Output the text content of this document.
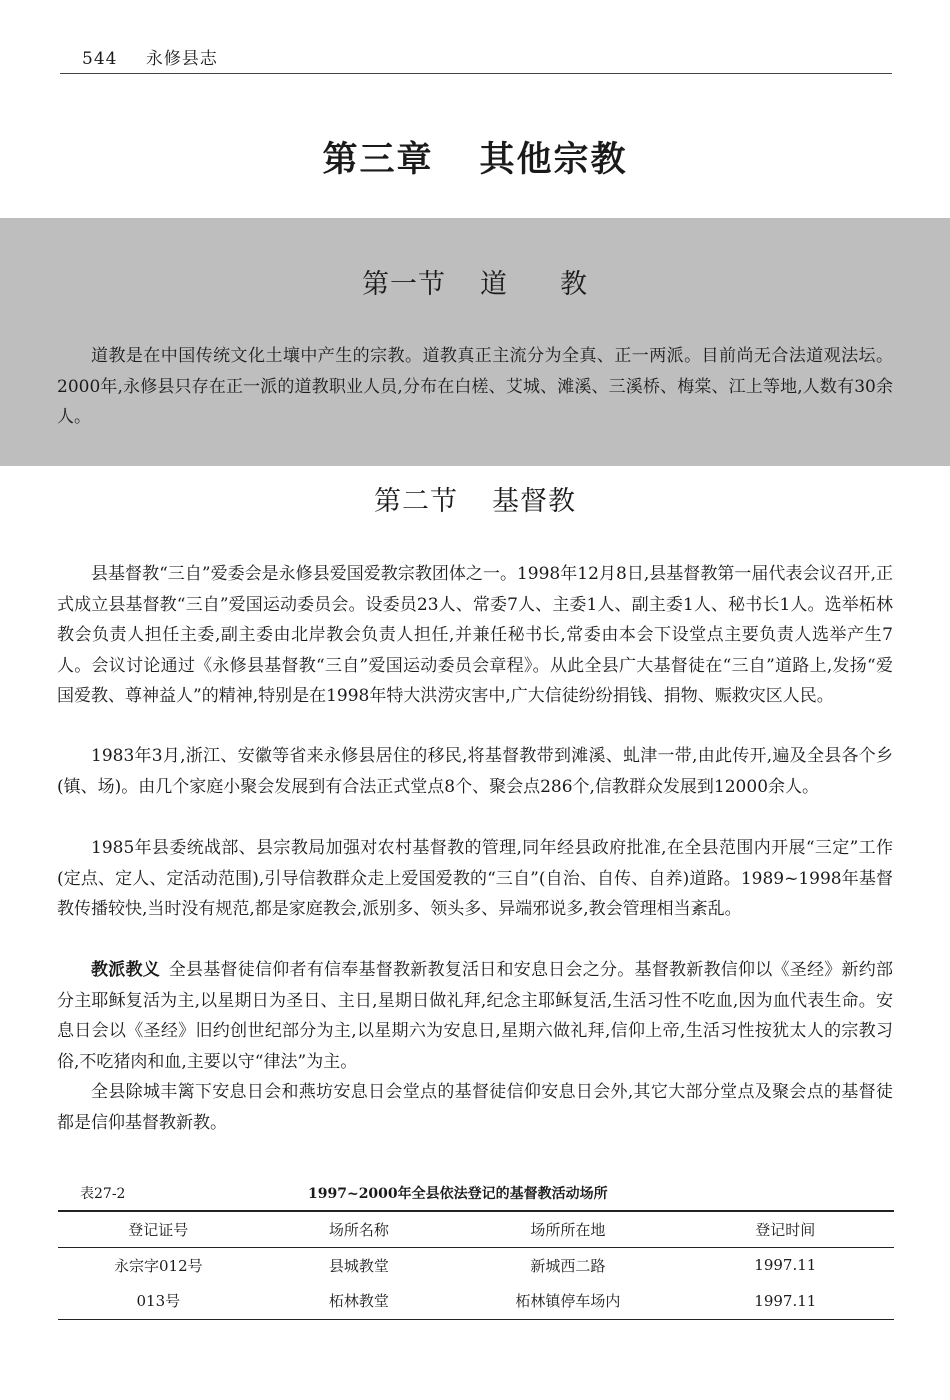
544 永修县志
第三章 其他宗教
第一节 道 教

道教是在中国传统文化土壤中产生的宗教。道教真正主流分为全真、正一两派。目前尚无合法道观法坛。2000年,永修县只存在正一派的道教职业人员,分布在白槎、艾城、滩溪、三溪桥、梅棠、江上等地,人数有30余人。

第二节 基督教

县基督教“三自”爱委会是永修县爱国爱教宗教团体之一。1998年12月8日,县基督教第一届代表会议召开,正式成立县基督教“三自”爱国运动委员会。设委员23人、常委7人、主委1人、副主委1人、秘书长1人。选举柘林教会负责人担任主委,副主委由北岸教会负责人担任,并兼任秘书长,常委由本会下设堂点主要负责人选举产生7人。会议讨论通过《永修县基督教“三自”爱国运动委员会章程》。从此全县广大基督徒在“三自”道路上,发扬“爱国爱教、尊神益人”的精神,特别是在1998年特大洪涝灾害中,广大信徒纷纷捐钱、捐物、赈救灾区人民。

1983年3月,浙江、安徽等省来永修县居住的移民,将基督教带到滩溪、虬津一带,由此传开,遍及全县各个乡(镇、场)。由几个家庭小聚会发展到有合法正式堂点8个、聚会点286个,信教群众发展到12000余人。

1985年县委统战部、县宗教局加强对农村基督教的管理,同年经县政府批准,在全县范围内开展“三定”工作(定点、定人、定活动范围),引导信教群众走上爱国爱教的“三自”(自治、自传、自养)道路。1989~1998年基督教传播较快,当时没有规范,都是家庭教会,派别多、领头多、异端邪说多,教会管理相当紊乱。

教派教义  全县基督徒信仰者有信奉基督教新教复活日和安息日会之分。基督教新教信仰以《圣经》新约部分主耶稣复活为主,以星期日为圣日、主日,星期日做礼拜,纪念主耶稣复活,生活习性不吃血,因为血代表生命。安息日会以《圣经》旧约创世纪部分为主,以星期六为安息日,星期六做礼拜,信仰上帝,生活习性按犹太人的宗教习俗,不吃猪肉和血,主要以守“律法”为主。

全县除城丰篱下安息日会和燕坊安息日会堂点的基督徒信仰安息日会外,其它大部分堂点及聚会点的基督徒都是信仰基督教新教。

表27-2	1997~2000年全县依法登记的基督教活动场所
登记证号	场所名称	场所所在地	登记时间
永宗字012号	县城教堂	新城西二路	1997.11
013号	柘林教堂	柘林镇停车场内	1997.11
